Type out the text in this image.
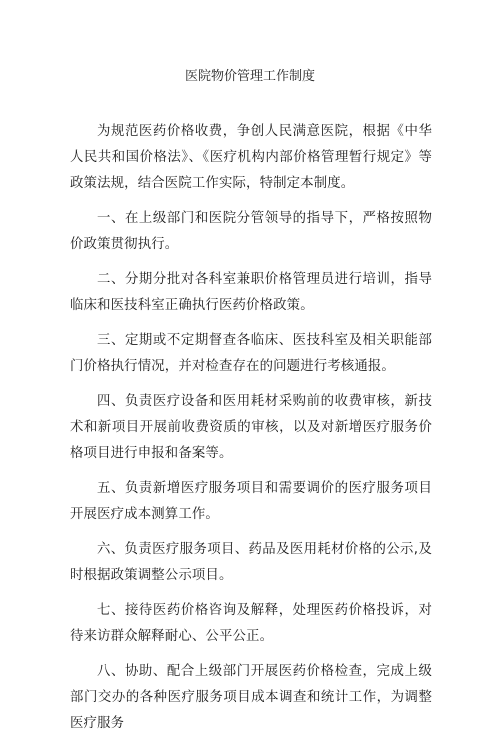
医院物价管理工作制度

为规范医药价格收费，争创人民满意医院，根据《中华人民共和国价格法》、《医疗机构内部价格管理暂行规定》等政策法规，结合医院工作实际，特制定本制度。

一、在上级部门和医院分管领导的指导下，严格按照物价政策贯彻执行。

二、分期分批对各科室兼职价格管理员进行培训，指导临床和医技科室正确执行医药价格政策。

三、定期或不定期督查各临床、医技科室及相关职能部门价格执行情况，并对检查存在的问题进行考核通报。

四、负责医疗设备和医用耗材采购前的收费审核，新技术和新项目开展前收费资质的审核，以及对新增医疗服务价格项目进行申报和备案等。

五、负责新增医疗服务项目和需要调价的医疗服务项目开展医疗成本测算工作。

六、负责医疗服务项目、药品及医用耗材价格的公示,及时根据政策调整公示项目。

七、接待医药价格咨询及解释，处理医药价格投诉，对待来访群众解释耐心、公平公正。

八、协助、配合上级部门开展医药价格检查，完成上级部门交办的各种医疗服务项目成本调查和统计工作，为调整医疗服务
